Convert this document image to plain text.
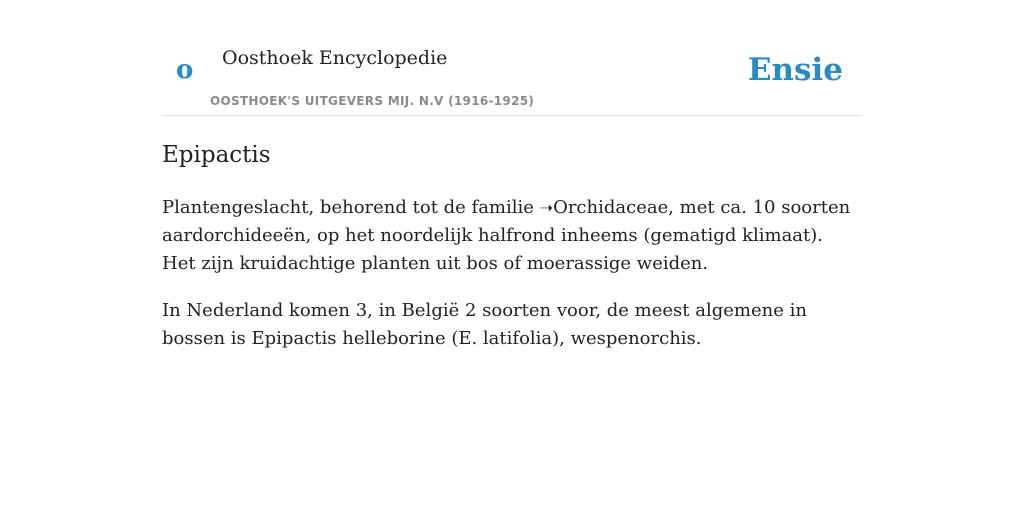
o Oosthoek Encyclopedie
OOSTHOEK'S UITGEVERS MIJ. N.V (1916-1925)
Ensie
Epipactis

Plantengeslacht, behorend tot de familie ➝Orchidaceae, met ca. 10 soorten aardorchideeën, op het noordelijk halfrond inheems (gematigd klimaat). Het zijn kruidachtige planten uit bos of moerassige weiden.

In Nederland komen 3, in België 2 soorten voor, de meest algemene in bossen is Epipactis helleborine (E. latifolia), wespenorchis.
